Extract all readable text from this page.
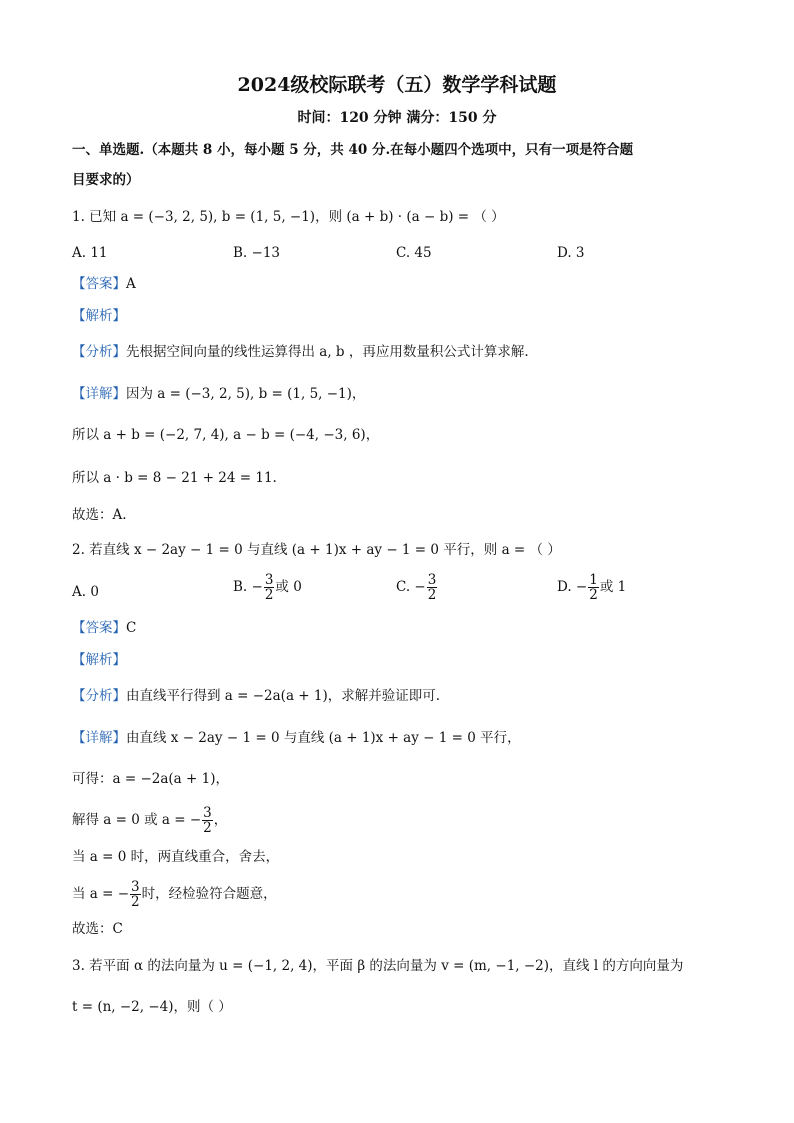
2024级校际联考（五）数学学科试题
时间：120 分钟 满分：150 分
一、单选题.（本题共 8 小，每小题 5 分，共 40 分.在每小题四个选项中，只有一项是符合题
目要求的）
1. 已知 a = (−3, 2, 5), b = (1, 5, −1)，则 (a + b) · (a − b) = （ ）
A. 11	B. −13	C. 45	D. 3
【答案】A
【解析】
【分析】先根据空间向量的线性运算得出 a, b ，再应用数量积公式计算求解.
【详解】因为 a = (−3, 2, 5), b = (1, 5, −1)，
所以 a + b = (−2, 7, 4), a − b = (−4, −3, 6)，
所以 a · b = 8 − 21 + 24 = 11.
故选：A.
2. 若直线 x − 2ay − 1 = 0 与直线 (a + 1)x + ay − 1 = 0 平行，则 a = （ ）
A. 0	B. − $\frac{3}{2}$ 或 0	C. − $\frac{3}{2}$	D. − $\frac{1}{2}$ 或 1
【答案】C
【解析】
【分析】由直线平行得到 a = −2a(a + 1)，求解并验证即可.
【详解】由直线 x − 2ay − 1 = 0 与直线 (a + 1)x + ay − 1 = 0 平行，
可得：a = −2a(a + 1)，
解得 a = 0 或 a = − $\frac{3}{2}$ ，
当 a = 0 时，两直线重合，舍去，
当 a = − $\frac{3}{2}$ 时，经检验符合题意，
故选：C
3. 若平面 α 的法向量为 u = (−1, 2, 4)，平面 β 的法向量为 v = (m, −1, −2)，直线 l 的方向向量为
t = (n, −2, −4)，则（ ）
